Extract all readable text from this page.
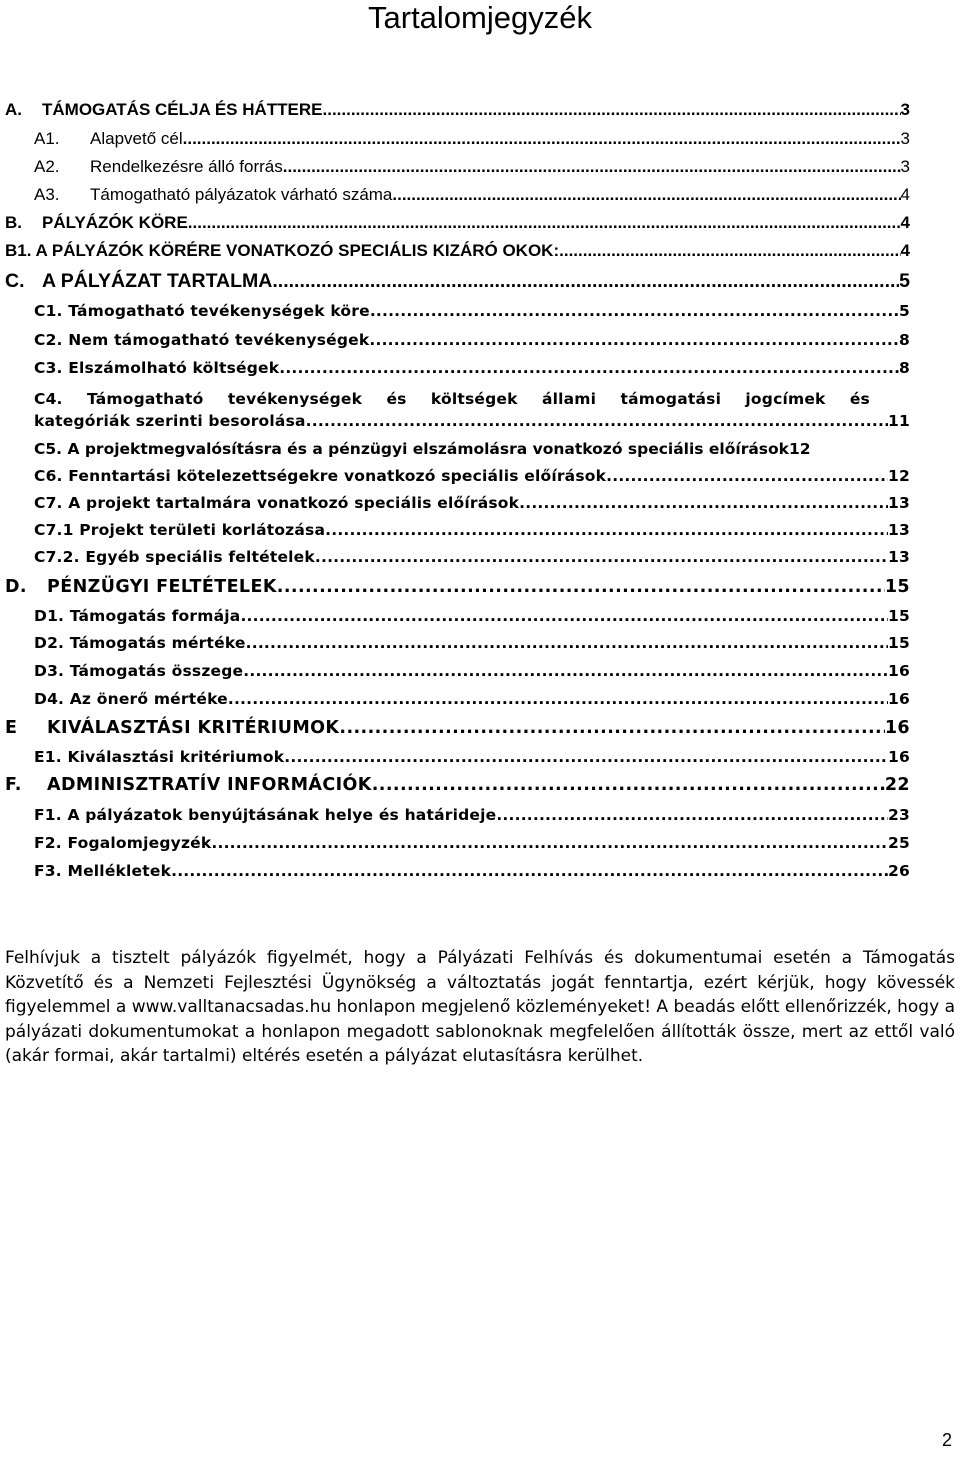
Tartalomjegyzék
A. TÁMOGATÁS CÉLJA ÉS HÁTTERE .....	3
A1. Alapvető cél .....	3
A2. Rendelkezésre álló forrás .....	3
A3. Támogatható pályázatok várható száma .....	4
B. PÁLYÁZÓK KÖRE .....	4
B1. A PÁLYÁZÓK KÖRÉRE VONATKOZÓ SPECIÁLIS KIZÁRÓ OKOK: .....	4
C. A PÁLYÁZAT TARTALMA .....	5
C1. Támogatható tevékenységek köre .....	5
C2. Nem támogatható tevékenységek .....	8
C3. Elszámolható költségek .....	8
C4. Támogatható tevékenységek és költségek állami támogatási jogcímek és
kategóriák szerinti besorolása .....	11
C5. A projektmegvalósításra és a pénzügyi elszámolásra vonatkozó speciális előírások 12
C6. Fenntartási kötelezettségekre vonatkozó speciális előírások .....	12
C7. A projekt tartalmára vonatkozó speciális előírások .....	13
C7.1 Projekt területi korlátozása .....	13
C7.2. Egyéb speciális feltételek .....	13
D. PÉNZÜGYI FELTÉTELEK .....	15
D1. Támogatás formája .....	15
D2. Támogatás mértéke .....	15
D3. Támogatás összege .....	16
D4. Az önerő mértéke .....	16
E KIVÁLASZTÁSI KRITÉRIUMOK .....	16
E1. Kiválasztási kritériumok .....	16
F. ADMINISZTRATÍV INFORMÁCIÓK .....	22
F1. A pályázatok benyújtásának helye és határideje .....	23
F2. Fogalomjegyzék .....	25
F3. Mellékletek .....	26
Felhívjuk a tisztelt pályázók figyelmét, hogy a Pályázati Felhívás és dokumentumai esetén a Támogatás Közvetítő és a Nemzeti Fejlesztési Ügynökség a változtatás jogát fenntartja, ezért kérjük, hogy kövessék figyelemmel a www.valltanacsadas.hu honlapon megjelenő közleményeket! A beadás előtt ellenőrizzék, hogy a pályázati dokumentumokat a honlapon megadott sablonoknak megfelelően állították össze, mert az ettől való (akár formai, akár tartalmi) eltérés esetén a pályázat elutasításra kerülhet.
2
